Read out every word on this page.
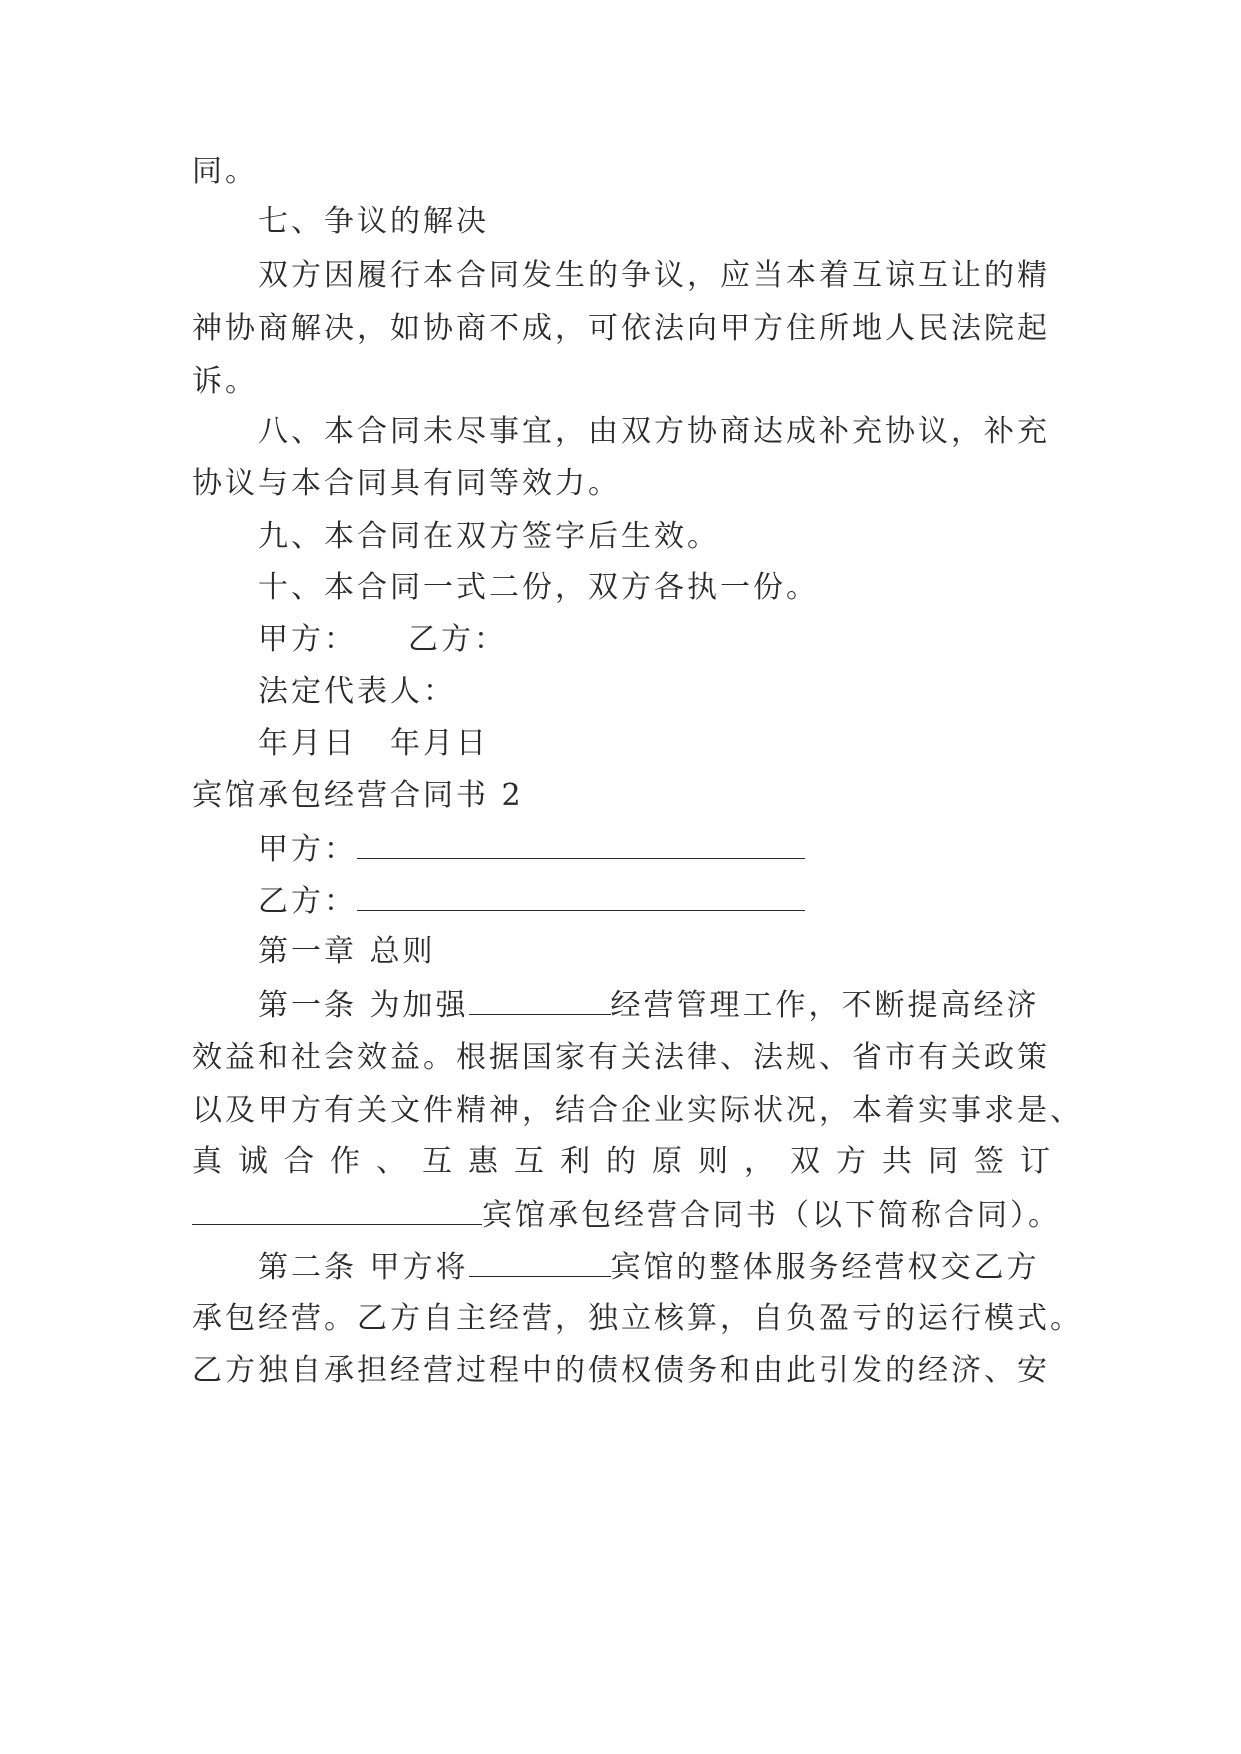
同。
七、争议的解决
双方因履行本合同发生的争议，应当本着互谅互让的精
神协商解决，如协商不成，可依法向甲方住所地人民法院起
诉。
八、本合同未尽事宜，由双方协商达成补充协议，补充
协议与本合同具有同等效力。
九、本合同在双方签字后生效。
十、本合同一式二份，双方各执一份。
甲方：　　乙方：
法定代表人：
年月日　年月日
宾馆承包经营合同书 2
甲方：
乙方：
第一章 总则
第一条 为加强	经营管理工作，不断提高经济
效益和社会效益。根据国家有关法律、法规、省市有关政策
以及甲方有关文件精神，结合企业实际状况，本着实事求是、
真 诚 合 作 、 互 惠 互 利 的 原 则 ， 双 方 共 同 签 订
宾馆承包经营合同书（以下简称合同）。
第二条 甲方将	宾馆的整体服务经营权交乙方
承包经营。乙方自主经营，独立核算，自负盈亏的运行模式。
乙方独自承担经营过程中的债权债务和由此引发的经济、安
